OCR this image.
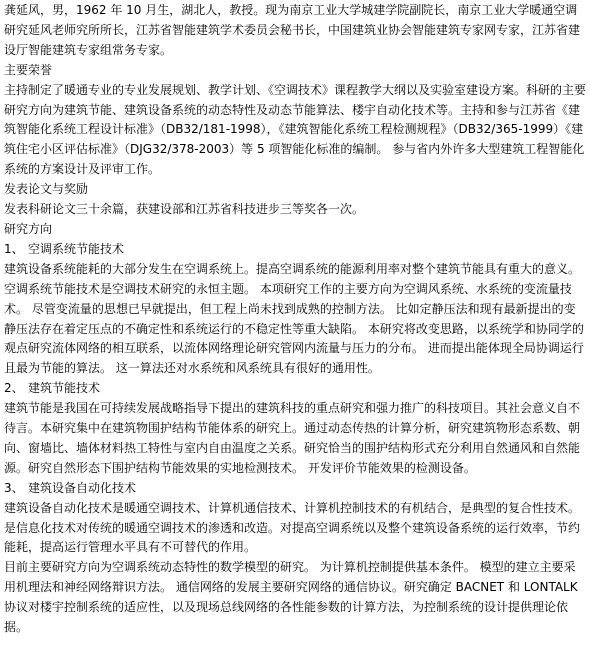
龚延风，男，1962 年 10 月生，湖北人，教授。现为南京工业大学城建学院副院长，南京工业大学暖通空调研究延风老师究所所长，江苏省智能建筑学术委员会秘书长，中国建筑业协会智能建筑专家网专家，江苏省建设厅智能建筑专家组常务专家。

主要荣誉

主持制定了暖通专业的专业发展规划、教学计划、《空调技术》课程教学大纲以及实验室建设方案。科研的主要研究方向为建筑节能、建筑设备系统的动态特性及动态节能算法、楼宇自动化技术等。主持和参与江苏省《建筑智能化系统工程设计标准》（DB32/181-1998），《建筑智能化系统工程检测规程》（DB32/365-1999）《建筑住宅小区评估标准》（DJG32/378-2003）等 5 项智能化标准的编制。 参与省内外许多大型建筑工程智能化系统的方案设计及评审工作。

发表论文与奖励

发表科研论文三十余篇，获建设部和江苏省科技进步三等奖各一次。

研究方向

1、 空调系统节能技术

建筑设备系统能耗的大部分发生在空调系统上。提高空调系统的能源利用率对整个建筑节能具有重大的意义。空调系统节能技术是空调技术研究的永恒主题。 本项研究工作的主要方向为空调风系统、水系统的变流量技术。 尽管变流量的思想已早就提出，但工程上尚未找到成熟的控制方法。 比如定静压法和现有最新提出的变静压法存在着定压点的不确定性和系统运行的不稳定性等重大缺陷。 本研究将改变思路，以系统学和协同学的观点研究流体网络的相互联系，以流体网络理论研究管网内流量与压力的分布。 进而提出能体现全局协调运行且最为节能的算法。 这一算法还对水系统和风系统具有很好的通用性。

2、 建筑节能技术

建筑节能是我国在可持续发展战略指导下提出的建筑科技的重点研究和强力推广的科技项目。其社会意义自不待言。本研究集中在建筑物围护结构节能体系的研究上。通过动态传热的计算分析，研究建筑物形态系数、朝向、窗墙比、墙体材料热工特性与室内自由温度之关系。研究恰当的围护结构形式充分利用自然通风和自然能源。研究自然形态下围护结构节能效果的实地检测技术。 开发评价节能效果的检测设备。

3、 建筑设备自动化技术

建筑设备自动化技术是暖通空调技术、计算机通信技术、计算机控制技术的有机结合，是典型的复合性技术。 是信息化技术对传统的暖通空调技术的渗透和改造。对提高空调系统以及整个建筑设备系统的运行效率，节约能耗，提高运行管理水平具有不可替代的作用。

目前主要研究方向为空调系统动态特性的数学模型的研究。 为计算机控制提供基本条件。 模型的建立主要采用机理法和神经网络辩识方法。 通信网络的发展主要研究网络的通信协议。研究确定 BACNET 和 LONTALK 协议对楼宇控制系统的适应性，以及现场总线网络的各性能参数的计算方法，为控制系统的设计提供理论依据。
